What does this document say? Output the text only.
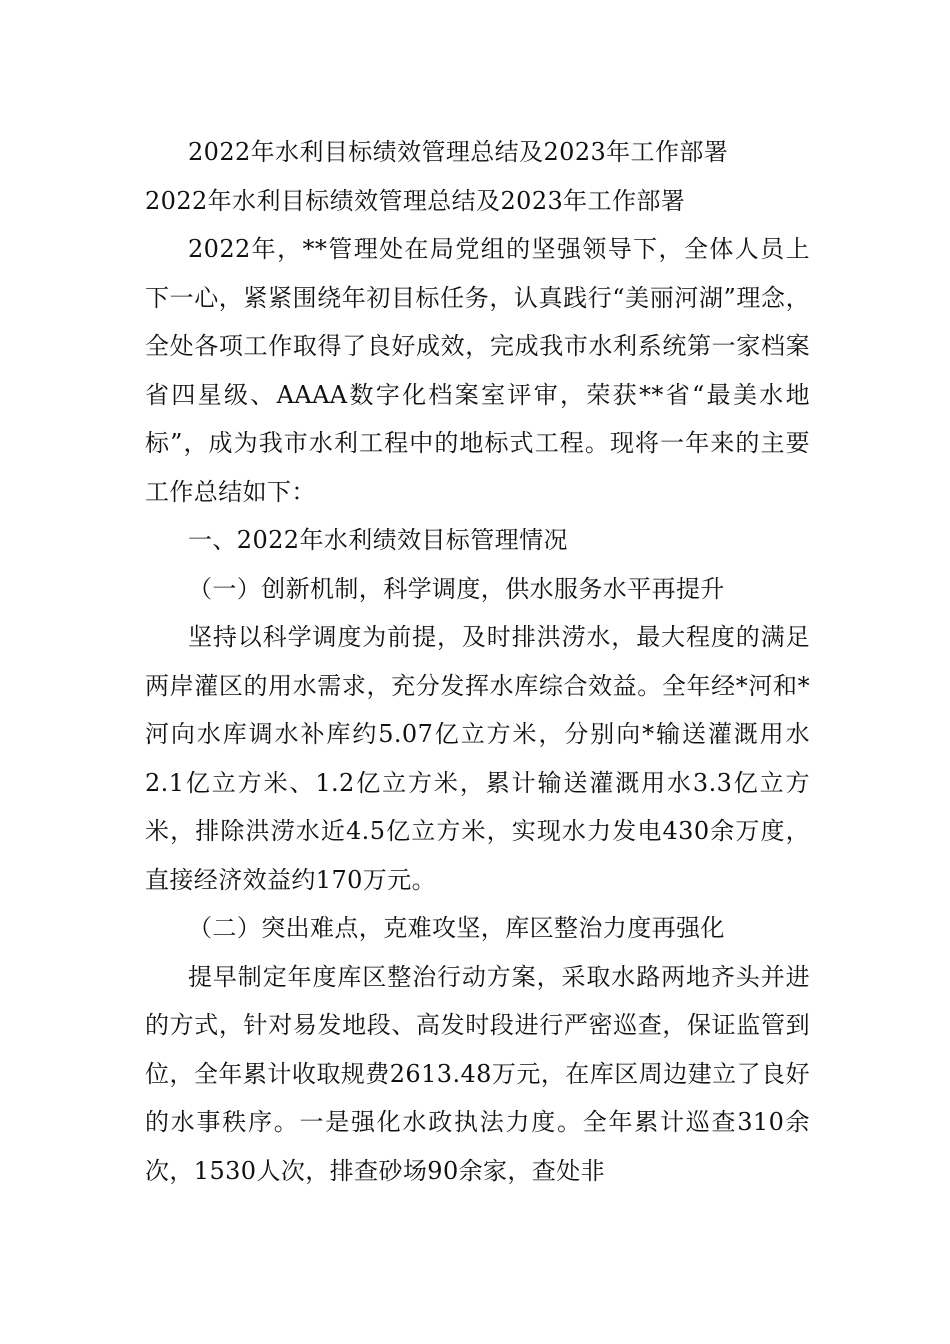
2022年水利目标绩效管理总结及2023年工作部署

2022年水利目标绩效管理总结及2023年工作部署

2022年，**管理处在局党组的坚强领导下，全体人员上下一心，紧紧围绕年初目标任务，认真践行“美丽河湖”理念，全处各项工作取得了良好成效，完成我市水利系统第一家档案省四星级、AAAA数字化档案室评审，荣获**省“最美水地标”，成为我市水利工程中的地标式工程。现将一年来的主要工作总结如下：

一、2022年水利绩效目标管理情况

（一）创新机制，科学调度，供水服务水平再提升

坚持以科学调度为前提，及时排洪涝水，最大程度的满足两岸灌区的用水需求，充分发挥水库综合效益。全年经*河和*河向水库调水补库约5.07亿立方米，分别向*输送灌溉用水2.1亿立方米、1.2亿立方米，累计输送灌溉用水3.3亿立方米，排除洪涝水近4.5亿立方米，实现水力发电430余万度，直接经济效益约170万元。

（二）突出难点，克难攻坚，库区整治力度再强化

提早制定年度库区整治行动方案，采取水路两地齐头并进的方式，针对易发地段、高发时段进行严密巡查，保证监管到位，全年累计收取规费2613.48万元，在库区周边建立了良好的水事秩序。一是强化水政执法力度。全年累计巡查310余次，1530人次，排查砂场90余家，查处非
